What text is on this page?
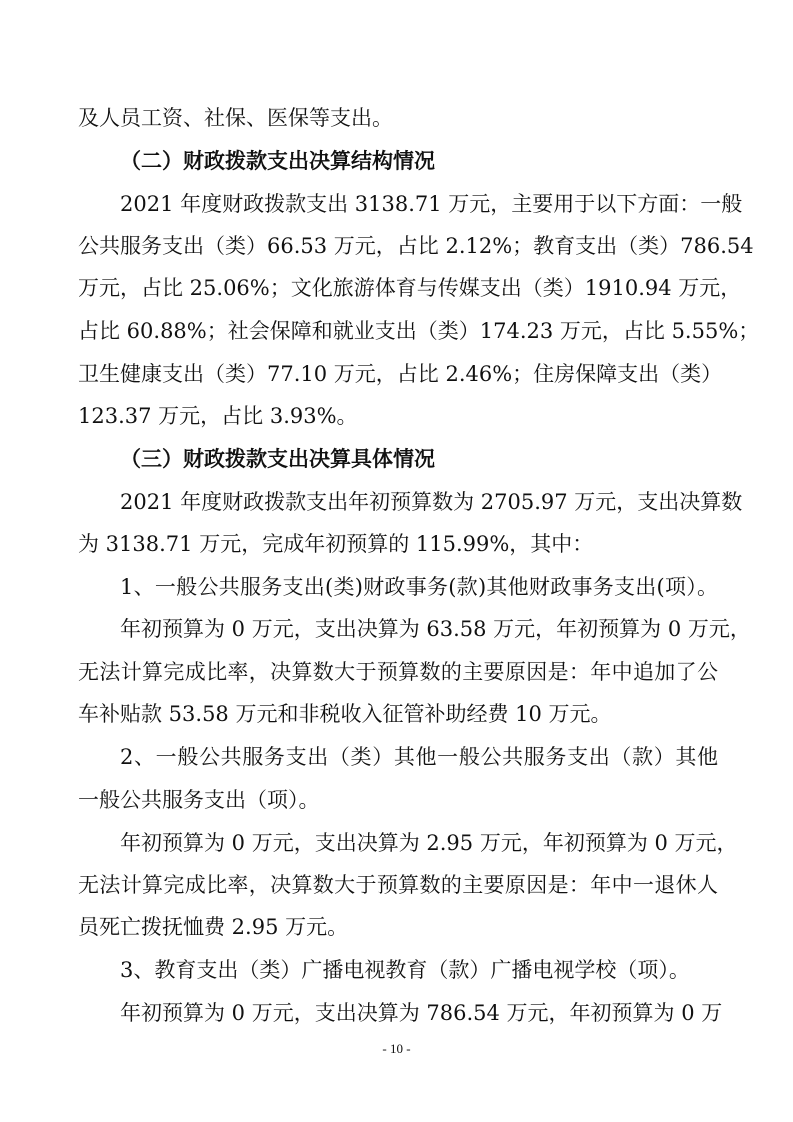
及人员工资、社保、医保等支出。
（二）财政拨款支出决算结构情况
2021 年度财政拨款支出 3138.71 万元，主要用于以下方面：一般
公共服务支出（类）66.53 万元，占比 2.12%；教育支出（类）786.54
万元，占比 25.06%；文化旅游体育与传媒支出（类）1910.94 万元，
占比 60.88%；社会保障和就业支出（类）174.23 万元，占比 5.55%；
卫生健康支出（类）77.10 万元，占比 2.46%；住房保障支出（类）
123.37 万元，占比 3.93%。
（三）财政拨款支出决算具体情况
2021 年度财政拨款支出年初预算数为 2705.97 万元，支出决算数
为 3138.71 万元，完成年初预算的 115.99%，其中：
1、一般公共服务支出(类)财政事务(款)其他财政事务支出(项）。
年初预算为 0 万元，支出决算为 63.58 万元，年初预算为 0 万元，
无法计算完成比率，决算数大于预算数的主要原因是：年中追加了公
车补贴款 53.58 万元和非税收入征管补助经费 10 万元。
2、一般公共服务支出（类）其他一般公共服务支出（款）其他
一般公共服务支出（项）。
年初预算为 0 万元，支出决算为 2.95 万元，年初预算为 0 万元，
无法计算完成比率，决算数大于预算数的主要原因是：年中一退休人
员死亡拨抚恤费 2.95 万元。
3、教育支出（类）广播电视教育（款）广播电视学校（项）。
年初预算为 0 万元，支出决算为 786.54 万元，年初预算为 0 万
- 10 -
